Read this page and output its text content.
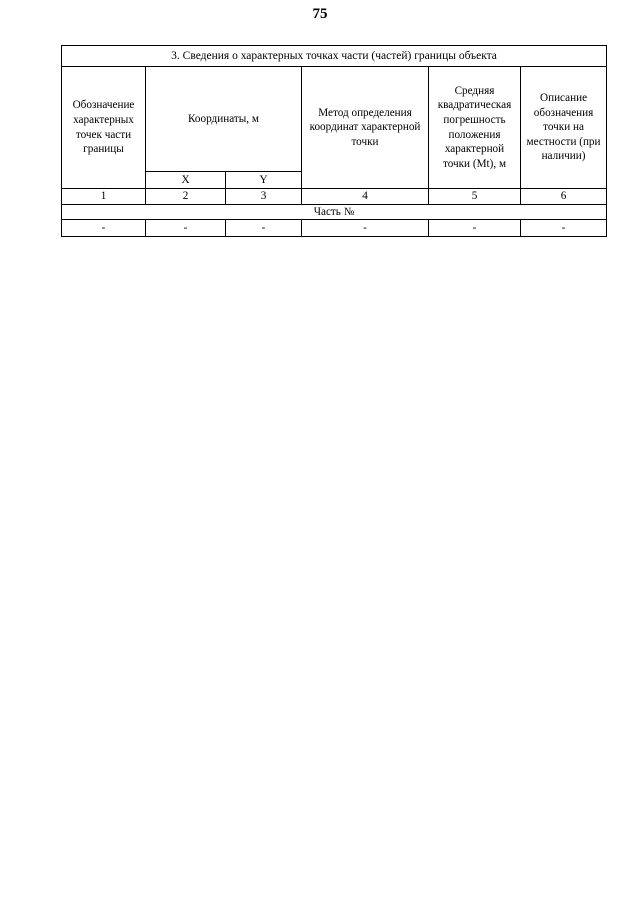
75
3. Сведения о характерных точках части (частей) границы объекта					
Обозначение характерных точек части границы	Координаты, м		Метод определения координат характерной точки	Средняя квадратическая погрешность положения характерной точки (Mt), м	Описание обозначения точки на местности (при наличии)
	X	Y			
1	2	3	4	5	6
Часть №					
-	-	-	-	-	-
